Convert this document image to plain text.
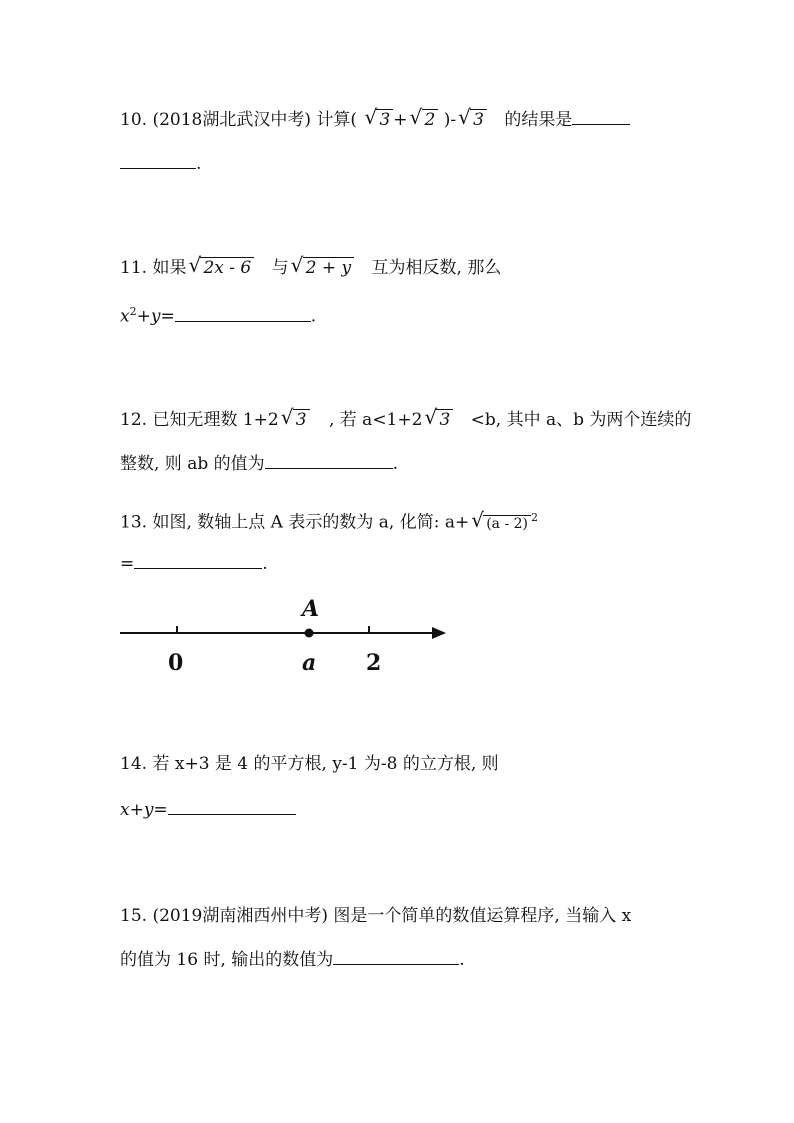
10. (2018湖北武汉中考) 计算( √ 3 + √ 2 )- √ 3 的结果是
.
11. 如果 √ 2x - 6 与 √ 2 + y 互为相反数, 那么
$x^2+y=$	.
12. 已知无理数 1+2 √ 3 , 若 a<1+2 √ 3 <b, 其中 a、b 为两个连续的
整数, 则 ab 的值为	.
13. 如图, 数轴上点 A 表示的数为 a, 化简: a+ √ (a - 2) $^2$
=	.
A
0	a 2
14. 若 x+3 是 4 的平方根, y-1 为-8 的立方根, 则
x+y=
15. (2019湖南湘西州中考) 图是一个简单的数值运算程序, 当输入 x
的值为 16 时, 输出的数值为	.
